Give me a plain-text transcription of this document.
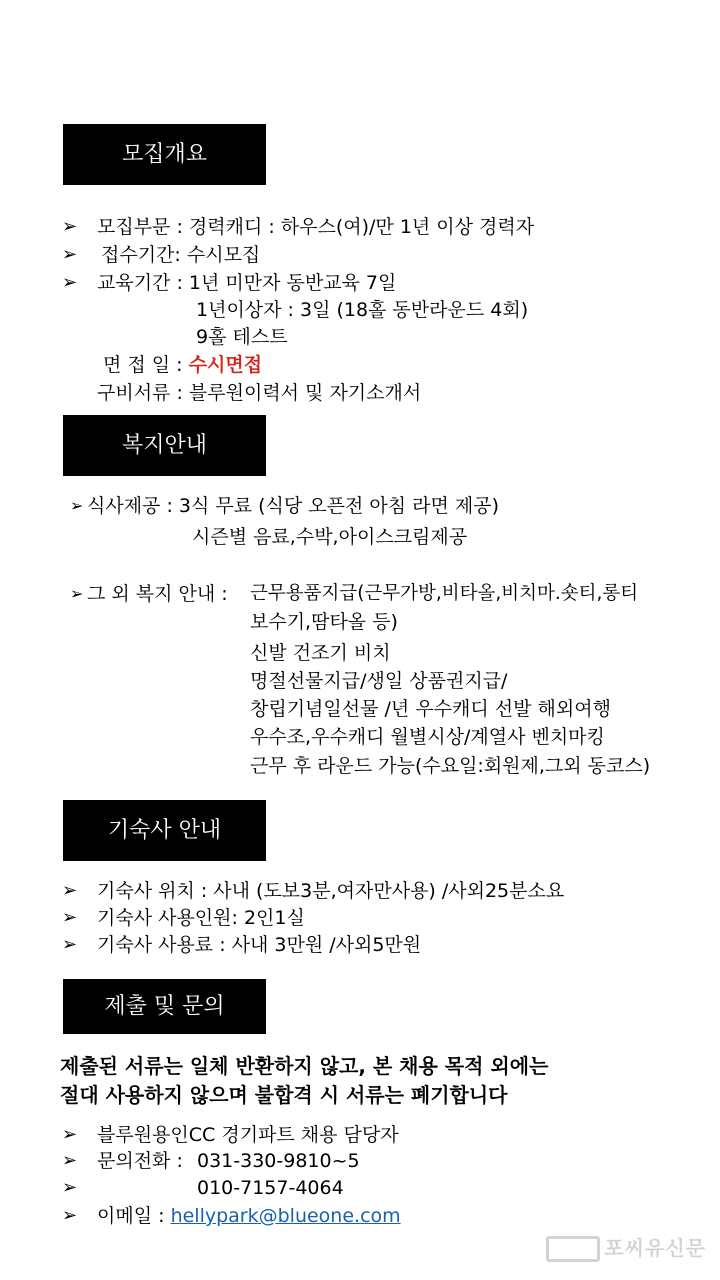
모집개요
➢ 모집부문 : 경력캐디 : 하우스(여)/만 1년 이상 경력자
➢ 접수기간: 수시모집
➢ 교육기간 : 1년 미만자 동반교육 7일
1년이상자 : 3일 (18홀 동반라운드 4회)
9홀 테스트
면 접 일 : 수시면접
구비서류 : 블루원이력서 및 자기소개서
복지안내
➢ 식사제공 : 3식 무료 (식당 오픈전 아침 라면 제공)
시즌별 음료,수박,아이스크림제공
➢ 그 외 복지 안내 : 근무용품지급(근무가방,비타올,비치마.숏티,롱티
보수기,땀타올 등)
신발 건조기 비치
명절선물지급/생일 상품권지급/
창립기념일선물 /년 우수캐디 선발 해외여행
우수조,우수캐디 월별시상/계열사 벤치마킹
근무 후 라운드 가능(수요일:회원제,그외 동코스)
기숙사 안내
➢ 기숙사 위치 : 사내 (도보3분,여자만사용) /사외25분소요
➢ 기숙사 사용인원: 2인1실
➢ 기숙사 사용료 : 사내 3만원 /사외5만원
제출 및 문의
제출된 서류는 일체 반환하지 않고, 본 채용 목적 외에는
절대 사용하지 않으며 불합격 시 서류는 폐기합니다
➢ 블루원용인CC 경기파트 채용 담당자
➢ 문의전화 : 031-330-9810~5
➢	010-7157-4064
➢ 이메일 : hellypark@blueone.com
포씨유신문
